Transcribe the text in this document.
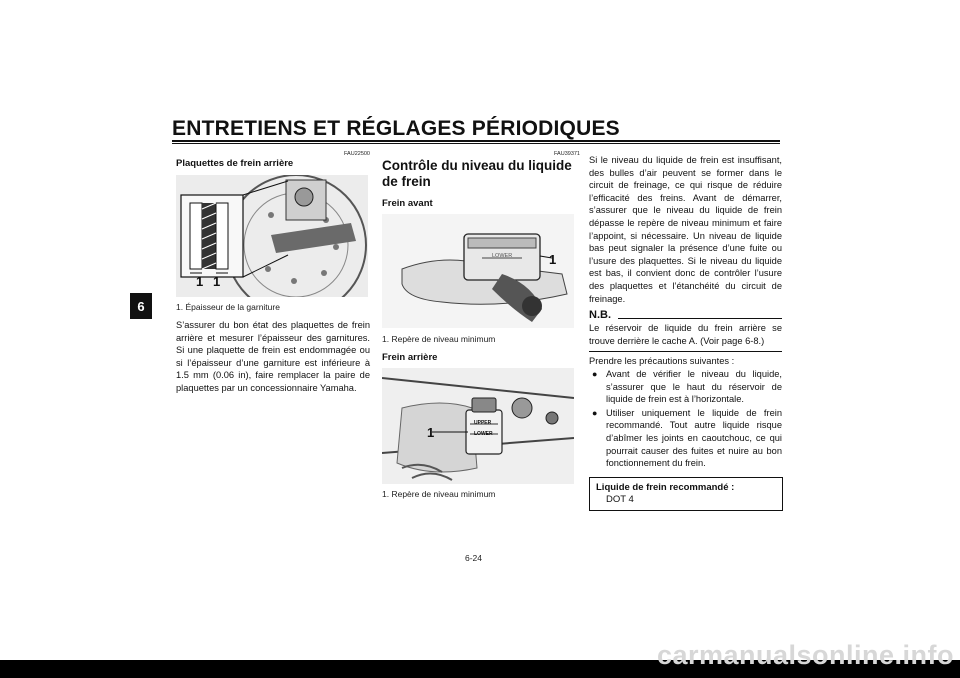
ENTRETIENS ET RÉGLAGES PÉRIODIQUES
6
FAU22500
Plaquettes de frein arrière
1 1
1. Épaisseur de la garniture
S’assurer du bon état des plaquettes de frein arrière et mesurer l’épaisseur des garnitures. Si une plaquette de frein est endommagée ou si l’épaisseur d’une garniture est inférieure à 1.5 mm (0.06 in), faire remplacer la paire de plaquettes par un concessionnaire Yamaha.
FAU39371
Contrôle du niveau du liquide de frein
Frein avant
LOWER	1
1. Repère de niveau minimum
Frein arrière
UPPER
LOWER
1
1. Repère de niveau minimum
Si le niveau du liquide de frein est insuffisant, des bulles d’air peuvent se former dans le circuit de freinage, ce qui risque de réduire l’efficacité des freins. Avant de démarrer, s’assurer que le niveau du liquide de frein dépasse le repère de niveau minimum et faire l’appoint, si nécessaire. Un niveau de liquide bas peut signaler la présence d’une fuite ou l’usure des plaquettes. Si le niveau du liquide est bas, il convient donc de contrôler l’usure des plaquettes et l’étanchéité du circuit de freinage.
N.B.
Le réservoir de liquide du frein arrière se trouve derrière le cache A. (Voir page 6-8.)
Prendre les précautions suivantes :
● Avant de vérifier le niveau du liquide, s’assurer que le haut du réservoir de liquide de frein est à l’horizontale.
● Utiliser uniquement le liquide de frein recommandé. Tout autre liquide risque d’abîmer les joints en caoutchouc, ce qui pourrait causer des fuites et nuire au bon fonctionnement du frein.
Liquide de frein recommandé :
DOT 4
6-24
carmanualsonline.info
